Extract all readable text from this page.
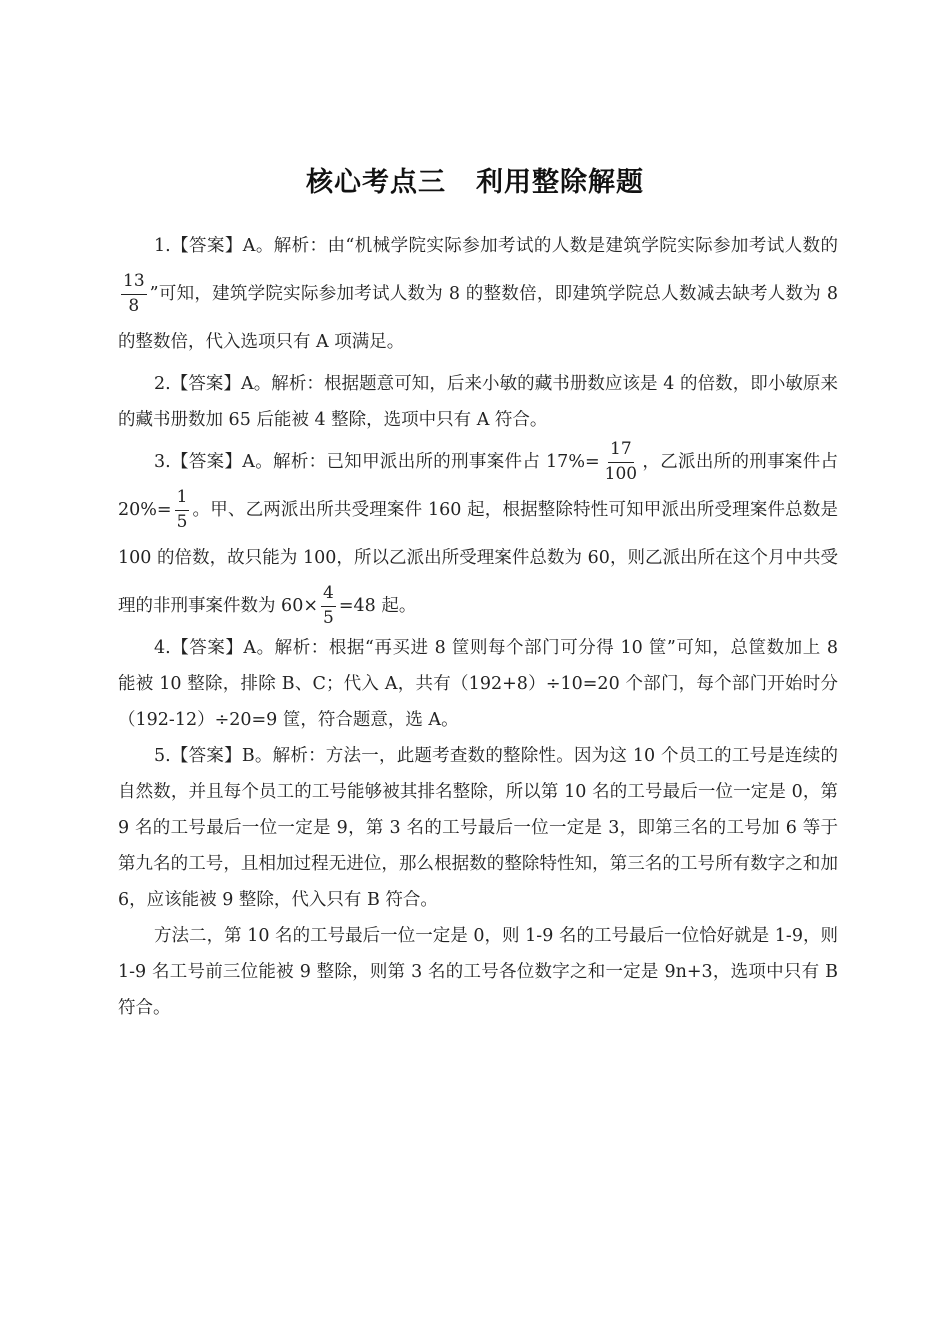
核心考点三 利用整除解题

1.【答案】A。解析：由“机械学院实际参加考试的人数是建筑学院实际参加考试人数的
$\frac{13}{8}$ ”可知，建筑学院实际参加考试人数为 8 的整数倍，即建筑学院总人数减去缺考人数为 8 的整数倍，代入选项只有 A 项满足。

2.【答案】A。解析：根据题意可知，后来小敏的藏书册数应该是 4 的倍数，即小敏原来的藏书册数加 65 后能被 4 整除，选项中只有 A 符合。

3.【答案】A。解析：已知甲派出所的刑事案件占 $17\%= \frac{17}{100}$ ，乙派出所的刑事案件占 $20\%= \frac{1}{5}$ 。甲、乙两派出所共受理案件 160 起，根据整除特性可知甲派出所受理案件总数是 100 的倍数，故只能为 100，所以乙派出所受理案件总数为 60，则乙派出所在这个月中共受理的非刑事案件数为 $60\times \frac{4}{5} =48$ 起。

4.【答案】A。解析：根据“再买进 8 筐则每个部门可分得 10 筐”可知，总筐数加上 8 能被 10 整除，排除 B、C；代入 A，共有（192+8）÷10=20 个部门，每个部门开始时分（192-12）÷20=9 筐，符合题意，选 A。

5.【答案】B。解析：方法一，此题考查数的整除性。因为这 10 个员工的工号是连续的自然数，并且每个员工的工号能够被其排名整除，所以第 10 名的工号最后一位一定是 0，第 9 名的工号最后一位一定是 9，第 3 名的工号最后一位一定是 3，即第三名的工号加 6 等于第九名的工号，且相加过程无进位，那么根据数的整除特性知，第三名的工号所有数字之和加 6，应该能被 9 整除，代入只有 B 符合。

方法二，第 10 名的工号最后一位一定是 0，则 1-9 名的工号最后一位恰好就是 1-9，则 1-9 名工号前三位能被 9 整除，则第 3 名的工号各位数字之和一定是 9n+3，选项中只有 B 符合。
